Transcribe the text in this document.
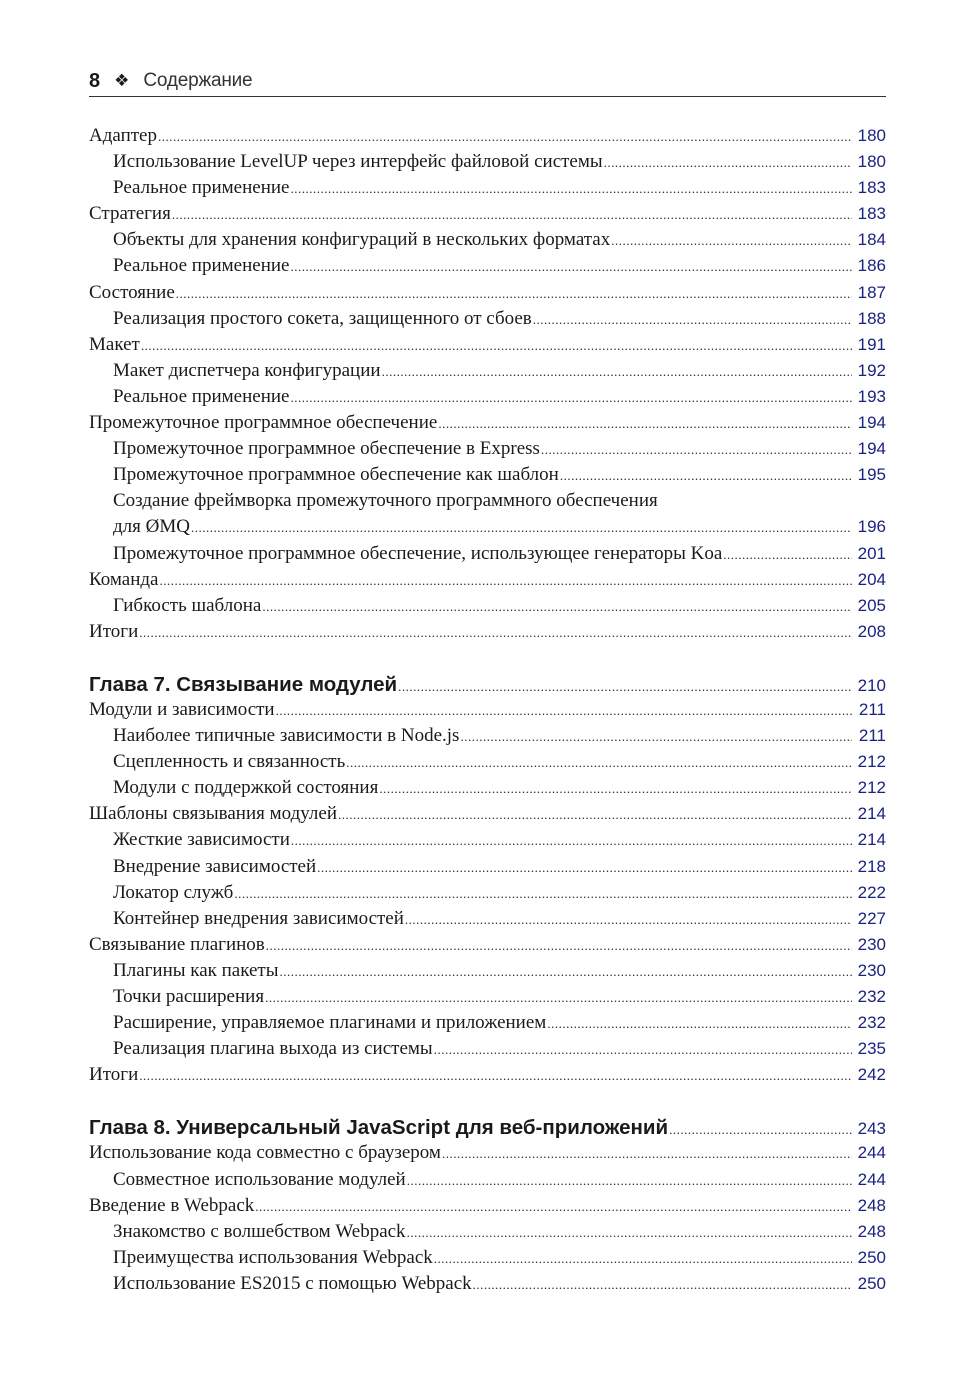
8 ❖ Содержание
Адаптер .....	180
Использование LevelUP через интерфейс файловой системы .....	180
Реальное применение .....	183
Стратегия .....	183
Объекты для хранения конфигураций в нескольких форматах .....	184
Реальное применение .....	186
Состояние .....	187
Реализация простого сокета, защищенного от сбоев .....	188
Макет .....	191
Макет диспетчера конфигурации .....	192
Реальное применение .....	193
Промежуточное программное обеспечение .....	194
Промежуточное программное обеспечение в Express .....	194
Промежуточное программное обеспечение как шаблон .....	195
Создание фреймворка промежуточного программного обеспечения
для ØMQ .....	196
Промежуточное программное обеспечение, использующее генераторы Koa .....	201
Команда .....	204
Гибкость шаблона .....	205
Итоги .....	208
Глава 7. Связывание модулей .....	210
Модули и зависимости .....	211
Наиболее типичные зависимости в Node.js .....	211
Сцепленность и связанность .....	212
Модули с поддержкой состояния .....	212
Шаблоны связывания модулей .....	214
Жесткие зависимости .....	214
Внедрение зависимостей .....	218
Локатор служб .....	222
Контейнер внедрения зависимостей .....	227
Связывание плагинов .....	230
Плагины как пакеты .....	230
Точки расширения .....	232
Расширение, управляемое плагинами и приложением .....	232
Реализация плагина выхода из системы .....	235
Итоги .....	242
Глава 8. Универсальный JavaScript для веб-приложений .....	243
Использование кода совместно с браузером .....	244
Совместное использование модулей .....	244
Введение в Webpack .....	248
Знакомство с волшебством Webpack .....	248
Преимущества использования Webpack .....	250
Использование ES2015 с помощью Webpack .....	250
